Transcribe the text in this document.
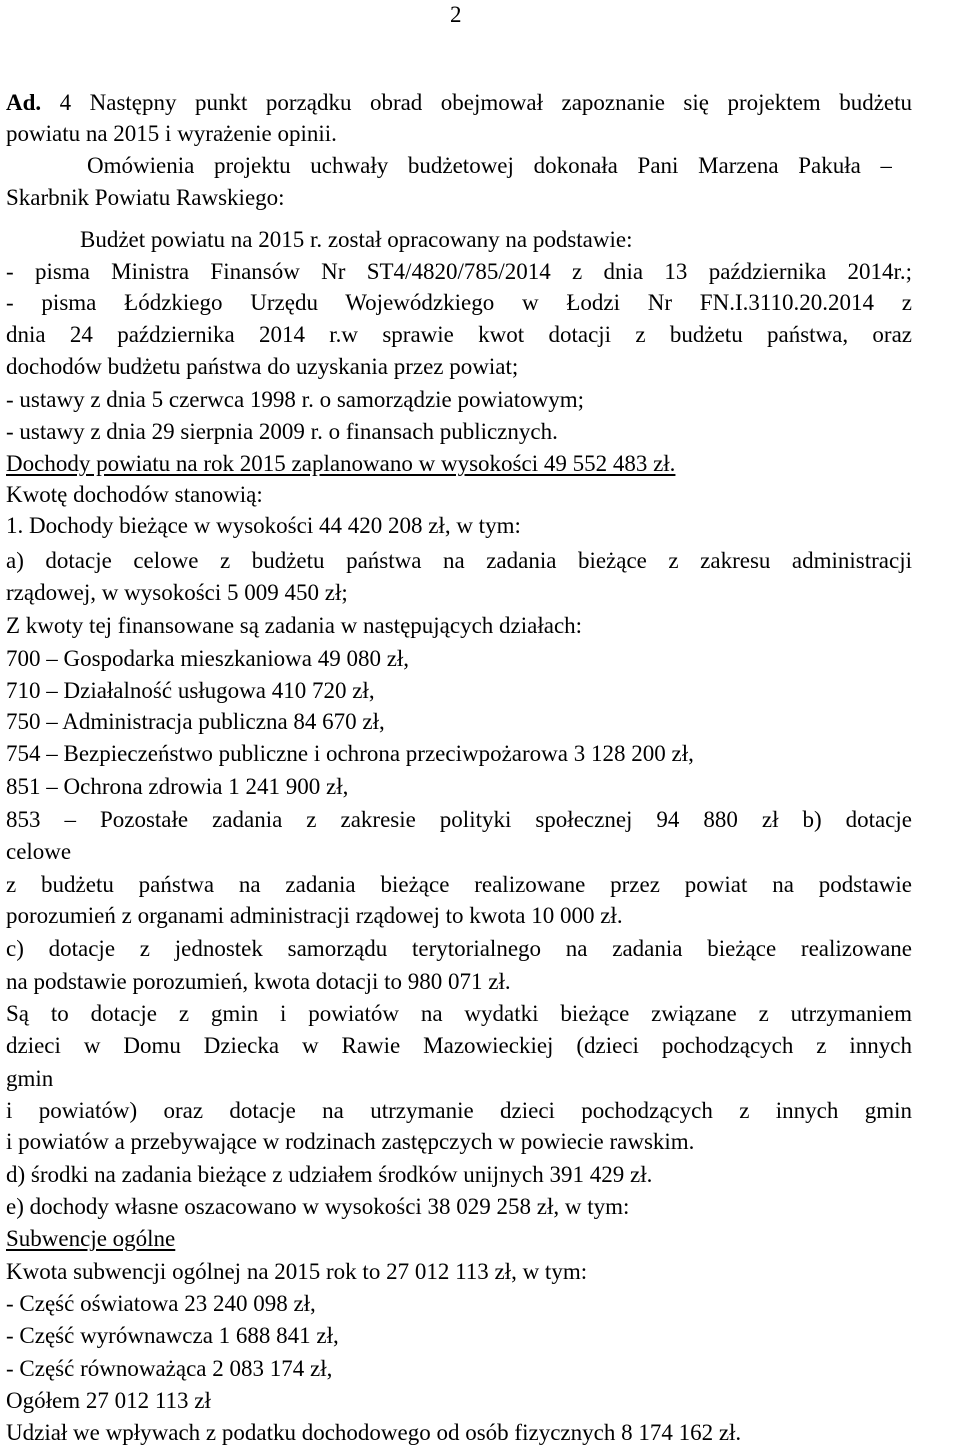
2
Ad. 4 Następny punkt porządku obrad obejmował zapoznanie się projektem budżetu
powiatu na 2015 i wyrażenie opinii.
Omówienia projektu uchwały budżetowej dokonała Pani Marzena Pakuła –
Skarbnik Powiatu Rawskiego:
Budżet powiatu na 2015 r. został opracowany na podstawie:
- pisma Ministra Finansów Nr ST4/4820/785/2014 z dnia 13 października 2014r.;
- pisma Łódzkiego Urzędu Wojewódzkiego w Łodzi Nr FN.I.3110.20.2014 z
dnia 24 października 2014 r.w sprawie kwot dotacji z budżetu państwa, oraz
dochodów budżetu państwa do uzyskania przez powiat;
- ustawy z dnia 5 czerwca 1998 r. o samorządzie powiatowym;
- ustawy z dnia 29 sierpnia 2009 r. o finansach publicznych.
Dochody powiatu na rok 2015 zaplanowano w wysokości 49 552 483 zł.
Kwotę dochodów stanowią:
1. Dochody bieżące w wysokości 44 420 208 zł, w tym:
a) dotacje celowe z budżetu państwa na zadania bieżące z zakresu administracji
rządowej, w wysokości 5 009 450 zł;
Z kwoty tej finansowane są zadania w następujących działach:
700 – Gospodarka mieszkaniowa 49 080 zł,
710 – Działalność usługowa 410 720 zł,
750 – Administracja publiczna 84 670 zł,
754 – Bezpieczeństwo publiczne i ochrona przeciwpożarowa 3 128 200 zł,
851 – Ochrona zdrowia 1 241 900 zł,
853 – Pozostałe zadania z zakresie polityki społecznej 94 880 zł b) dotacje
celowe
z budżetu państwa na zadania bieżące realizowane przez powiat na podstawie
porozumień z organami administracji rządowej to kwota 10 000 zł.
c) dotacje z jednostek samorządu terytorialnego na zadania bieżące realizowane
na podstawie porozumień, kwota dotacji to 980 071 zł.
Są to dotacje z gmin i powiatów na wydatki bieżące związane z utrzymaniem
dzieci w Domu Dziecka w Rawie Mazowieckiej (dzieci pochodzących z innych
gmin
i powiatów) oraz dotacje na utrzymanie dzieci pochodzących z innych gmin
i powiatów a przebywające w rodzinach zastępczych w powiecie rawskim.
d) środki na zadania bieżące z udziałem środków unijnych 391 429 zł.
e) dochody własne oszacowano w wysokości 38 029 258 zł, w tym:
Subwencje ogólne
Kwota subwencji ogólnej na 2015 rok to 27 012 113 zł, w tym:
- Część oświatowa 23 240 098 zł,
- Część wyrównawcza 1 688 841 zł,
- Część równoważąca 2 083 174 zł,
Ogółem 27 012 113 zł
Udział we wpływach z podatku dochodowego od osób fizycznych 8 174 162 zł.
